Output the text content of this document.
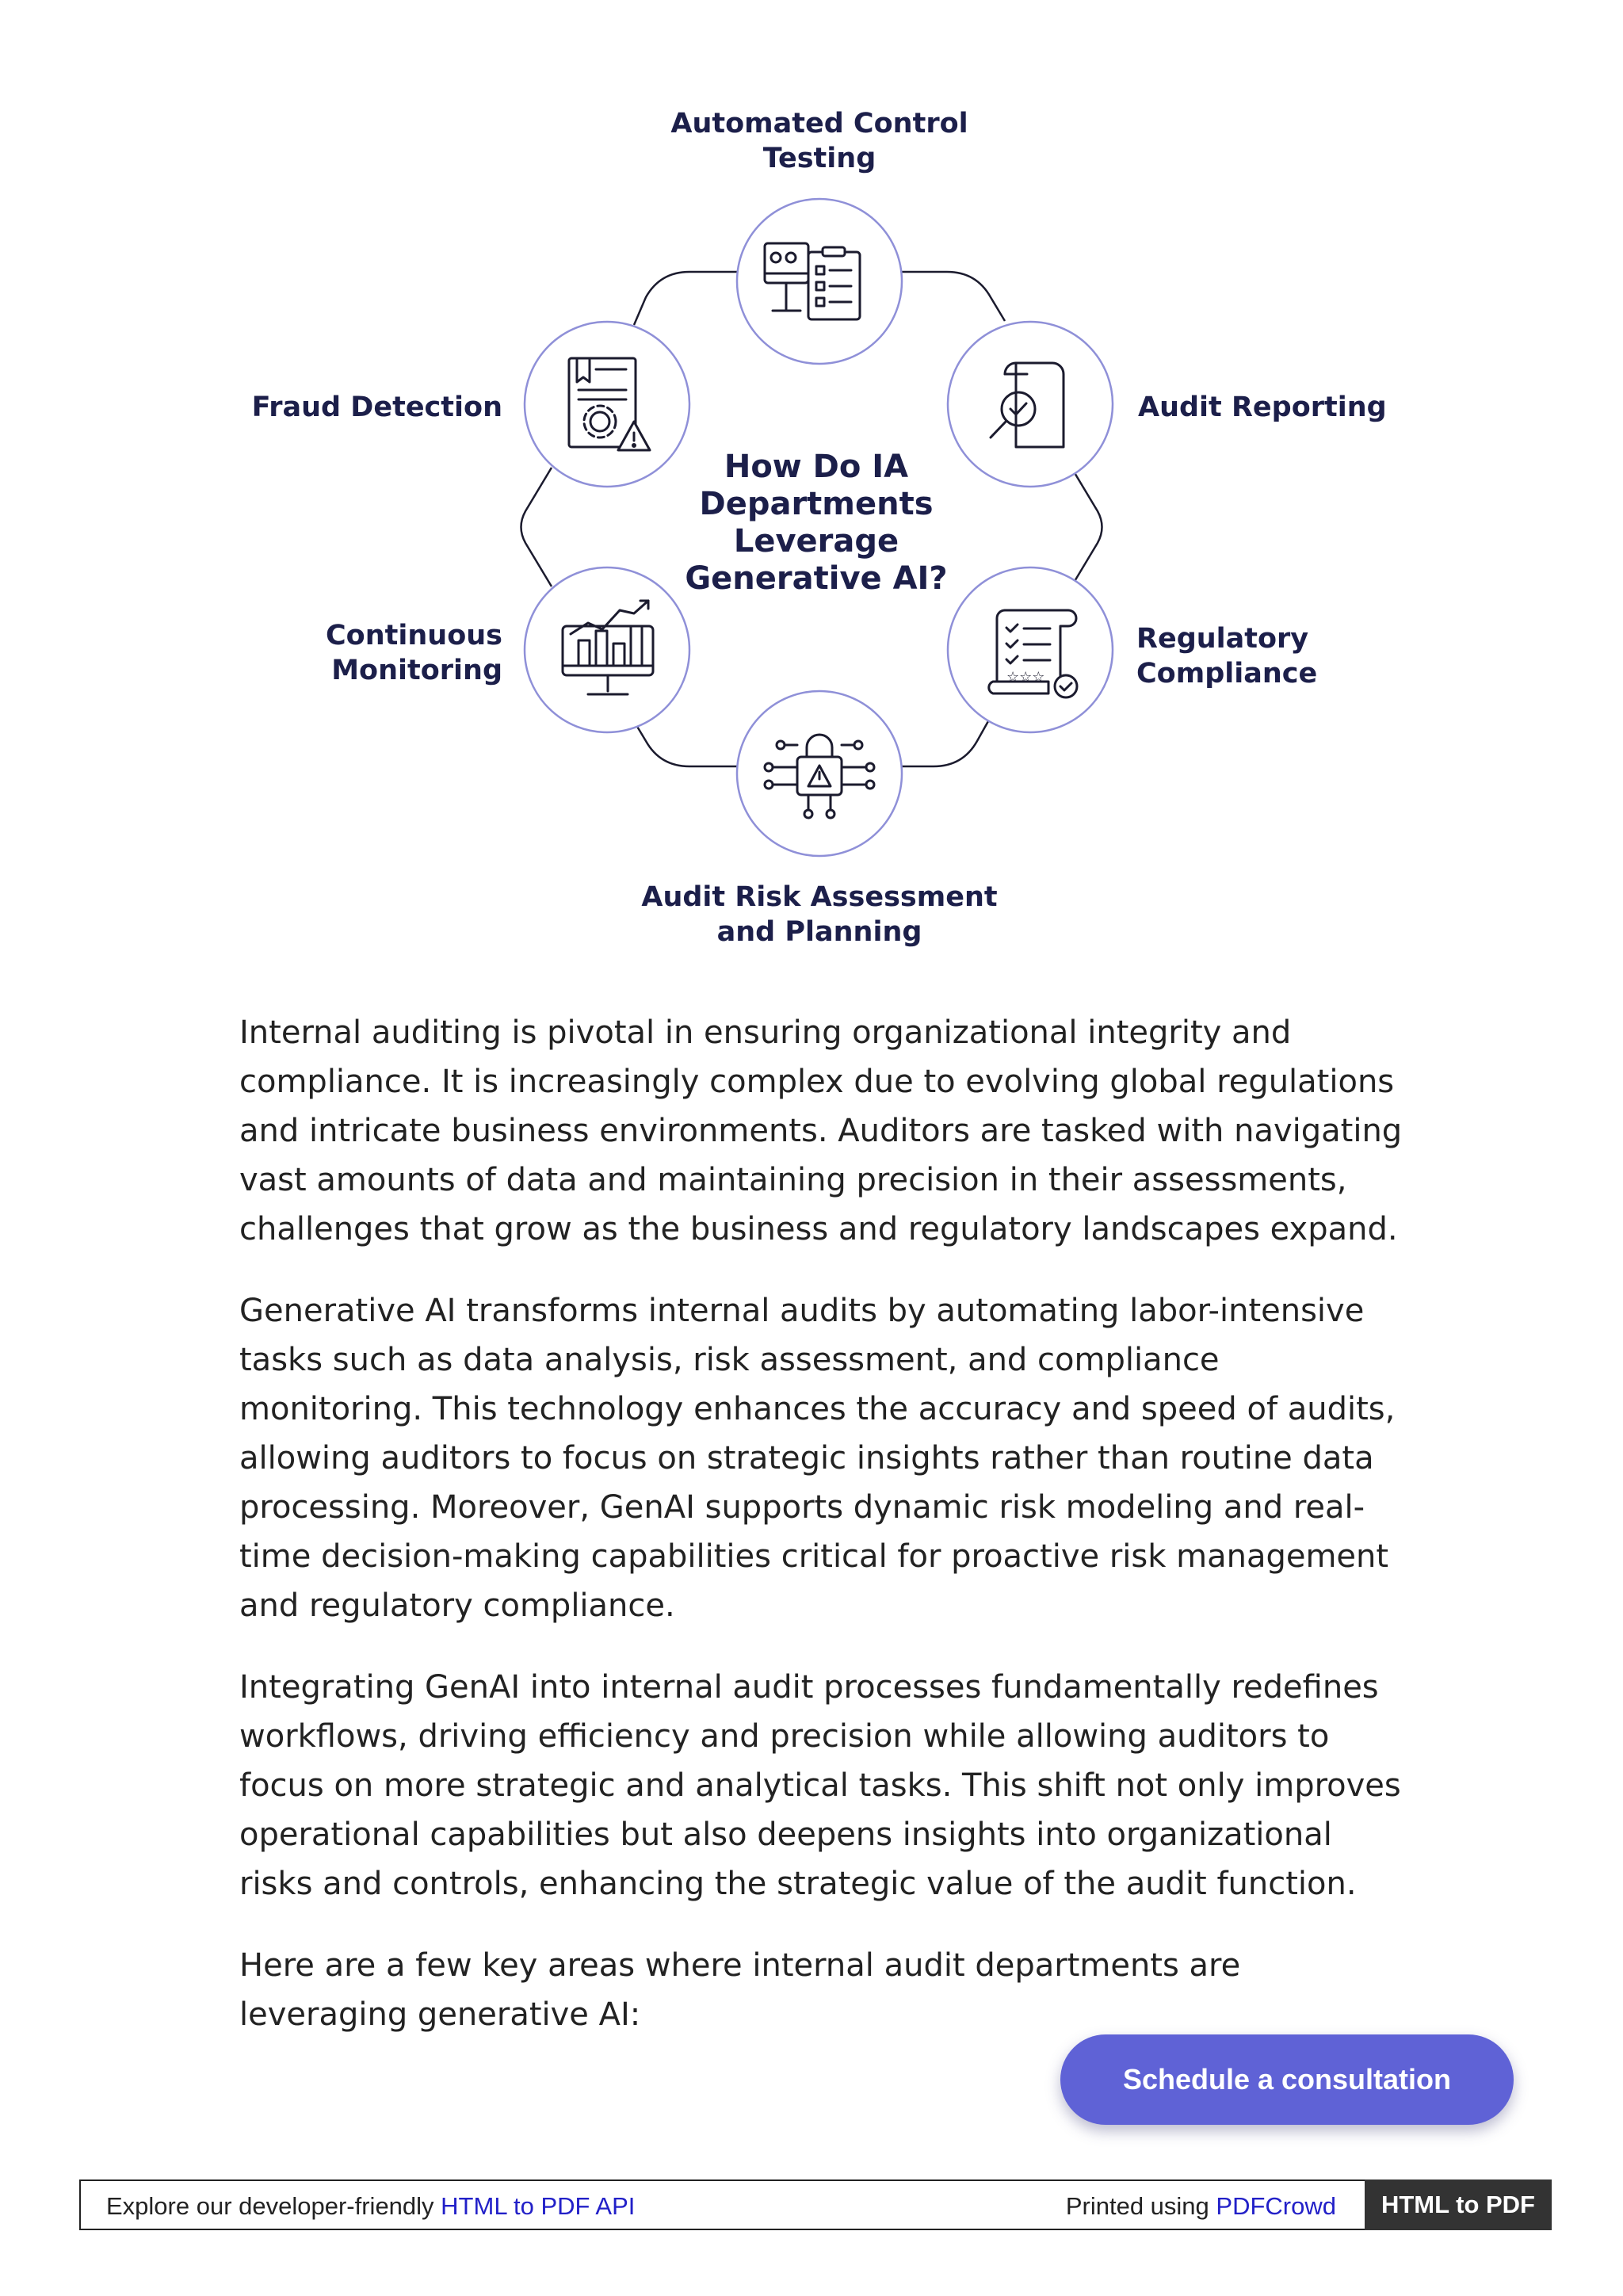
☆☆☆
How Do IA
Departments
Leverage
Generative AI?
Automated Control
Testing
Audit Reporting
Regulatory
Compliance
Audit Risk Assessment
and Planning
Continuous
Monitoring
Fraud Detection

Internal auditing is pivotal in ensuring organizational integrity and compliance. It is increasingly complex due to evolving global regulations and intricate business environments. Auditors are tasked with navigating vast amounts of data and maintaining precision in their assessments, challenges that grow as the business and regulatory landscapes expand.

Generative AI transforms internal audits by automating labor-intensive tasks such as data analysis, risk assessment, and compliance monitoring. This technology enhances the accuracy and speed of audits, allowing auditors to focus on strategic insights rather than routine data processing. Moreover, GenAI supports dynamic risk modeling and real-time decision-making capabilities critical for proactive risk management and regulatory compliance.

Integrating GenAI into internal audit processes fundamentally redefines workflows, driving efficiency and precision while allowing auditors to focus on more strategic and analytical tasks. This shift not only improves operational capabilities but also deepens insights into organizational risks and controls, enhancing the strategic value of the audit function.

Here are a few key areas where internal audit departments are leveraging generative AI:

Schedule a consultation
Explore our developer-friendly HTML to PDF API	Printed using PDFCrowd	HTML to PDF
